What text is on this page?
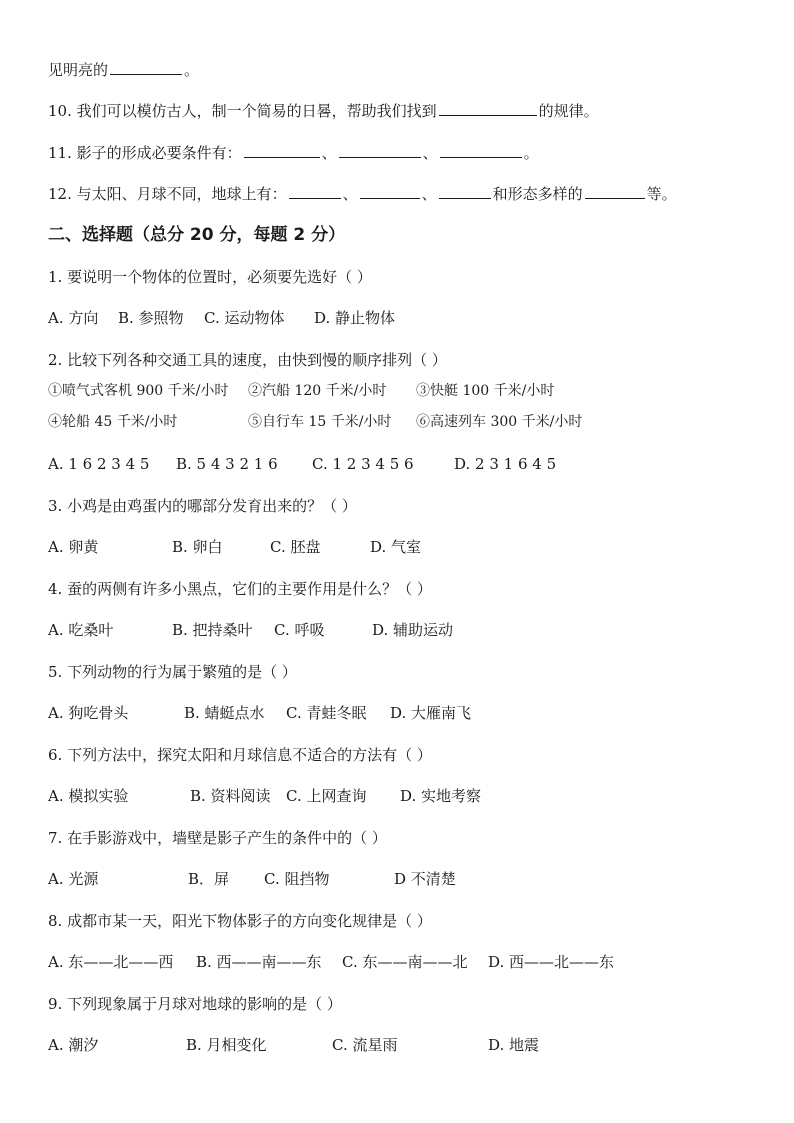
见明亮的	。
10. 我们可以模仿古人，制一个简易的日晷，帮助我们找到	的规律。
11. 影子的形成必要条件有：	、	、	。
12. 与太阳、月球不同，地球上有：	、	、	和形态多样的	等。
二、选择题（总分 20 分，每题 2 分）
1. 要说明一个物体的位置时，必须要先选好（ ）
A. 方向 B. 参照物 C. 运动物体 D. 静止物体
2. 比较下列各种交通工具的速度，由快到慢的顺序排列（ ）
①喷气式客机 900 千米/小时 ②汽船 120 千米/小时 ③快艇 100 千米/小时
④轮船 45 千米/小时	⑤自行车 15 千米/小时 ⑥高速列车 300 千米/小时
A. 1 6 2 3 4 5 B. 5 4 3 2 1 6 C. 1 2 3 4 5 6	D. 2 3 1 6 4 5
3. 小鸡是由鸡蛋内的哪部分发育出来的？（ ）
A. 卵黄	B. 卵白	C. 胚盘	D. 气室
4. 蚕的两侧有许多小黑点，它们的主要作用是什么？（ ）
A. 吃桑叶	B. 把持桑叶 C. 呼吸	D. 辅助运动
5. 下列动物的行为属于繁殖的是（ ）
A. 狗吃骨头	B. 蜻蜓点水 C. 青蛙冬眠 D. 大雁南飞
6. 下列方法中，探究太阳和月球信息不适合的方法有（ ）
A. 模拟实验	B. 资料阅读 C. 上网查询 D. 实地考察
7. 在手影游戏中，墙壁是影子产生的条件中的（ ）
A. 光源	B．屏 C. 阻挡物	D 不清楚
8. 成都市某一天，阳光下物体影子的方向变化规律是（ ）
A. 东——北——西 B. 西——南——东 C. 东——南——北 D. 西——北——东
9. 下列现象属于月球对地球的影响的是（ ）
A. 潮汐	B. 月相变化	C. 流星雨	D. 地震
